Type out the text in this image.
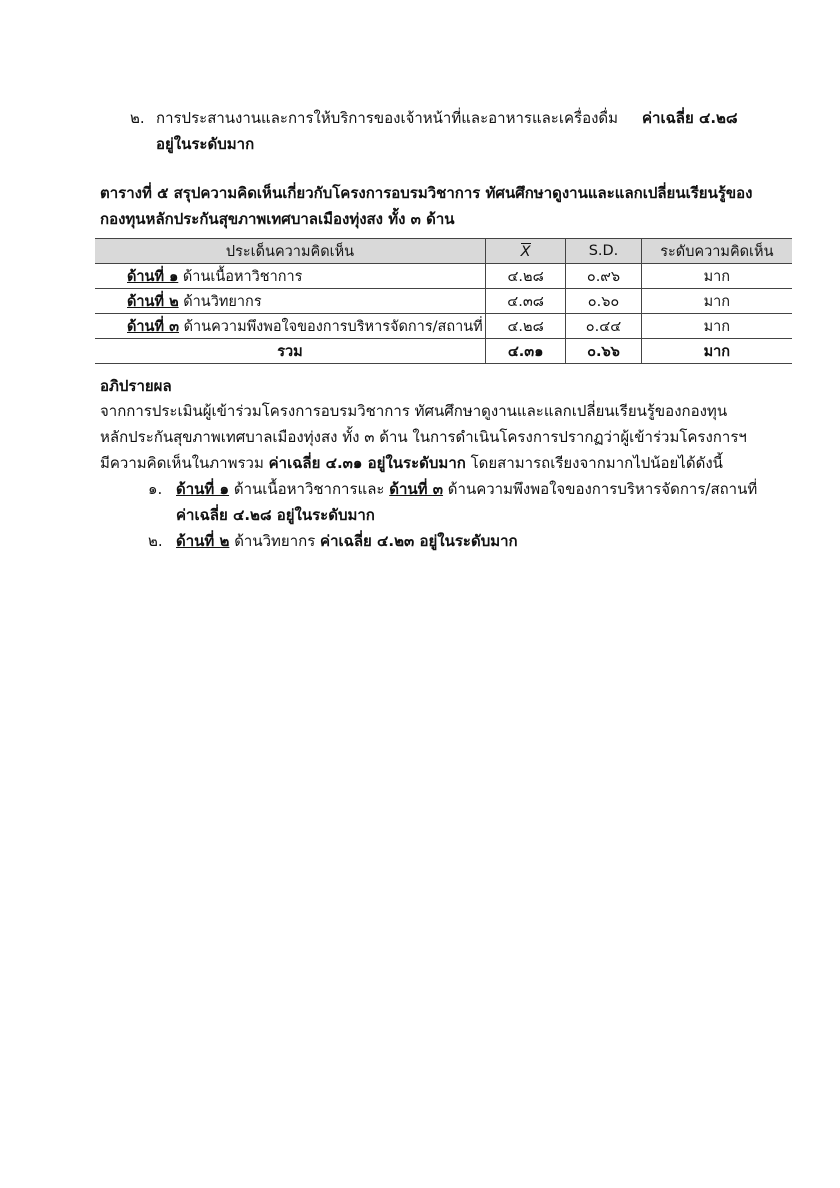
๒. การประสานงานและการให้บริการของเจ้าหน้าที่และอาหารและเครื่องดื่ม ค่าเฉลี่ย ๔.๒๘
อยู่ในระดับมาก
ตารางที่ ๕ สรุปความคิดเห็นเกี่ยวกับโครงการอบรมวิชาการ ทัศนศึกษาดูงานและแลกเปลี่ยนเรียนรู้ของ
กองทุนหลักประกันสุขภาพเทศบาลเมืองทุ่งสง ทั้ง ๓ ด้าน
ประเด็นความคิดเห็น	X	S.D.	ระดับความคิดเห็น
ด้านที่ ๑ ด้านเนื้อหาวิชาการ	๔.๒๘	๐.๙๖	มาก
ด้านที่ ๒ ด้านวิทยากร	๔.๓๘	๐.๖๐	มาก
ด้านที่ ๓ ด้านความพึงพอใจของการบริหารจัดการ/สถานที่	๔.๒๘	๐.๔๔	มาก
รวม	๔.๓๑	๐.๖๖	มาก
อภิปรายผล
จากการประเมินผู้เข้าร่วมโครงการอบรมวิชาการ ทัศนศึกษาดูงานและแลกเปลี่ยนเรียนรู้ของกองทุน
หลักประกันสุขภาพเทศบาลเมืองทุ่งสง ทั้ง ๓ ด้าน ในการดำเนินโครงการปรากฏว่าผู้เข้าร่วมโครงการฯ
มีความคิดเห็นในภาพรวม ค่าเฉลี่ย ๔.๓๑ อยู่ในระดับมาก โดยสามารถเรียงจากมากไปน้อยได้ดังนี้
๑. ด้านที่ ๑ ด้านเนื้อหาวิชาการและ ด้านที่ ๓ ด้านความพึงพอใจของการบริหารจัดการ/สถานที่
ค่าเฉลี่ย ๔.๒๘ อยู่ในระดับมาก
๒. ด้านที่ ๒ ด้านวิทยากร ค่าเฉลี่ย ๔.๒๓ อยู่ในระดับมาก
